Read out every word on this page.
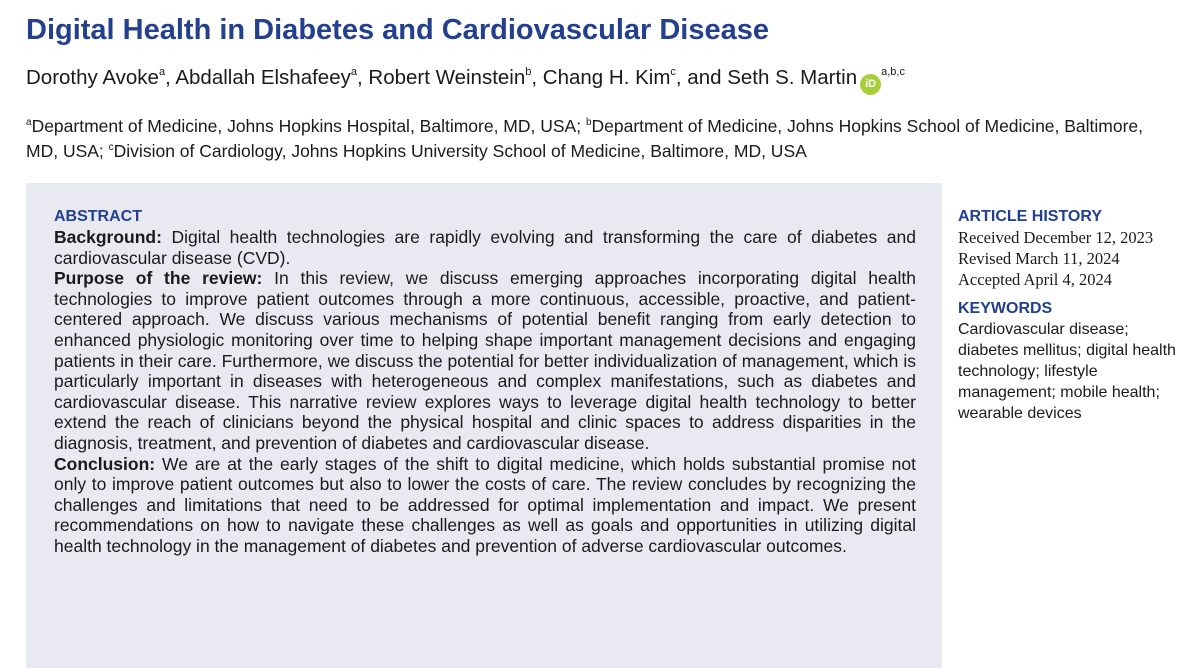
Digital Health in Diabetes and Cardiovascular Disease
Dorothy Avoke$^a$, Abdallah Elshafeey$^a$, Robert Weinstein$^b$, Chang H. Kim$^c$, and Seth S. Martin iD$^{a,b,c}$
$^a$Department of Medicine, Johns Hopkins Hospital, Baltimore, MD, USA; $^b$Department of Medicine, Johns Hopkins School of Medicine, Baltimore, MD, USA; $^c$Division of Cardiology, Johns Hopkins University School of Medicine, Baltimore, MD, USA
ABSTRACT

Background: Digital health technologies are rapidly evolving and transforming the care of diabetes and cardiovascular disease (CVD).

Purpose of the review: In this review, we discuss emerging approaches incorporating digital health technologies to improve patient outcomes through a more continuous, accessible, proactive, and patient-centered approach. We discuss various mechanisms of potential benefit ranging from early detection to enhanced physiologic monitoring over time to helping shape important management decisions and engaging patients in their care. Furthermore, we discuss the potential for better individualization of management, which is particularly important in diseases with heterogeneous and complex manifestations, such as diabetes and cardiovascular disease. This narrative review explores ways to leverage digital health technology to better extend the reach of clinicians beyond the physical hospital and clinic spaces to address disparities in the diagnosis, treatment, and prevention of diabetes and cardiovascular disease.

Conclusion: We are at the early stages of the shift to digital medicine, which holds substantial promise not only to improve patient outcomes but also to lower the costs of care. The review concludes by recognizing the challenges and limitations that need to be addressed for optimal implementation and impact. We present recommendations on how to navigate these challenges as well as goals and opportunities in utilizing digital health technology in the management of diabetes and prevention of adverse cardiovascular outcomes.

ARTICLE HISTORY
Received December 12, 2023
Revised March 11, 2024
Accepted April 4, 2024
KEYWORDS
Cardiovascular disease; diabetes mellitus; digital health technology; lifestyle management; mobile health; wearable devices
